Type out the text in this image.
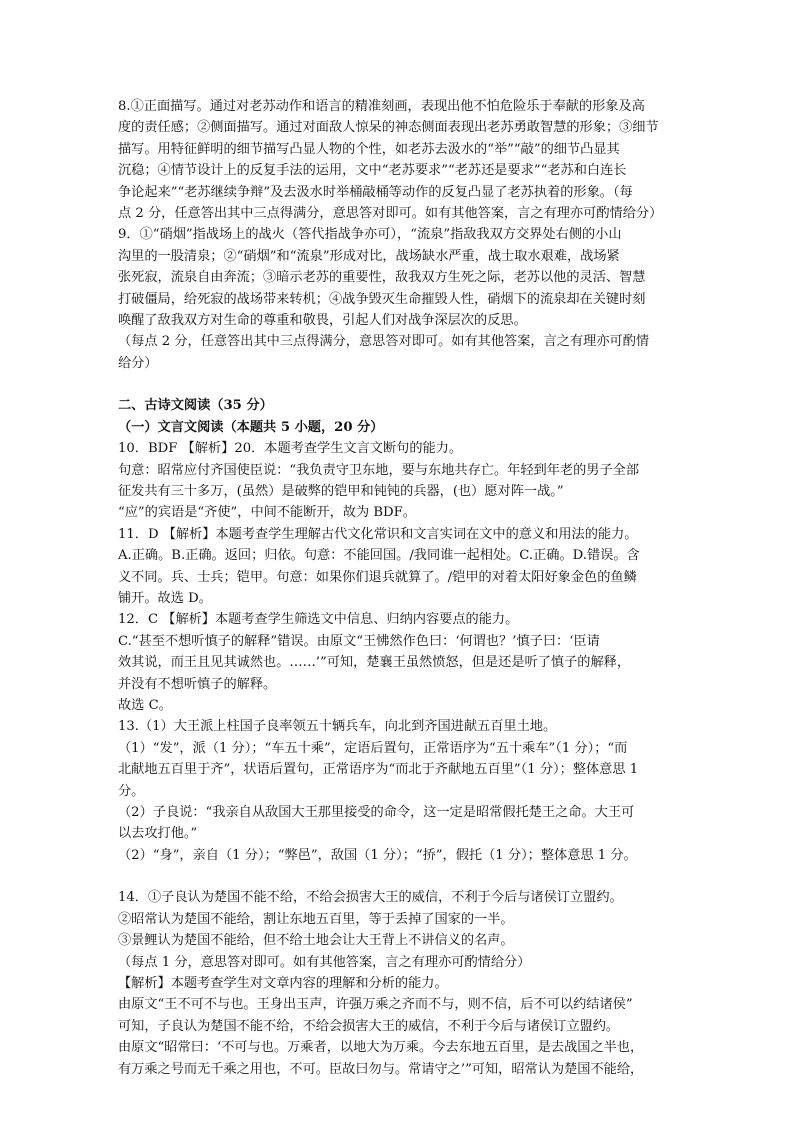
8.①正面描写。通过对老苏动作和语言的精准刻画，表现出他不怕危险乐于奉献的形象及高
度的责任感；②侧面描写。通过对面敌人惊呆的神态侧面表现出老苏勇敢智慧的形象；③细节
描写。用特征鲜明的细节描写凸显人物的个性，如老苏去汲水的“举”“敲”的细节凸显其
沉稳；④情节设计上的反复手法的运用，文中“老苏要求”“老苏还是要求”“老苏和白连长
争论起来”“老苏继续争辩”及去汲水时举桶敲桶等动作的反复凸显了老苏执着的形象。（每
点 2 分，任意答出其中三点得满分，意思答对即可。如有其他答案，言之有理亦可酌情给分）
9．①“硝烟”指战场上的战火（答代指战争亦可），“流泉”指敌我双方交界处右侧的小山
沟里的一股清泉；②“硝烟”和“流泉”形成对比，战场缺水严重，战士取水艰难，战场紧
张死寂，流泉自由奔流；③暗示老苏的重要性，敌我双方生死之际，老苏以他的灵活、智慧
打破僵局，给死寂的战场带来转机；④战争毁灭生命摧毁人性，硝烟下的流泉却在关键时刻
唤醒了敌我双方对生命的尊重和敬畏，引起人们对战争深层次的反思。
（每点 2 分，任意答出其中三点得满分，意思答对即可。如有其他答案，言之有理亦可酌情
给分）
二、古诗文阅读（35 分）
（一）文言文阅读（本题共 5 小题，20 分）
10．BDF 【解析】20．本题考查学生文言文断句的能力。
句意：昭常应付齐国使臣说：“我负责守卫东地，要与东地共存亡。年轻到年老的男子全部
征发共有三十多万，(虽然）是破弊的铠甲和钝钝的兵器，(也）愿对阵一战。”
“应”的宾语是“齐使”，中间不能断开，故为 BDF。
11．D 【解析】本题考查学生理解古代文化常识和文言实词在文中的意义和用法的能力。
A.正确。B.正确。返回；归依。句意：不能回国。/我同谁一起相处。C.正确。D.错误。含
义不同。兵、士兵；铠甲。句意：如果你们退兵就算了。/铠甲的对着太阳好象金色的鱼鳞
铺开。故选 D。
12．C 【解析】本题考查学生筛选文中信息、归纳内容要点的能力。
C.“甚至不想听慎子的解释”错误。由原文“王怫然作色曰：‘何谓也？’慎子曰：‘臣请
效其说，而王且见其诚然也。……’”可知，楚襄王虽然愤怒，但是还是听了慎子的解释，
并没有不想听慎子的解释。
故选 C。
13.（1）大王派上柱国子良率领五十辆兵车，向北到齐国进献五百里土地。
（1）“发”，派（1 分）；“车五十乘”，定语后置句，正常语序为“五十乘车”（1 分）；“而
北献地五百里于齐”，状语后置句，正常语序为“而北于齐献地五百里”（1 分）；整体意思 1
分。
（2）子良说：“我亲自从敌国大王那里接受的命令，这一定是昭常假托楚王之命。大王可
以去攻打他。”
（2）“身”，亲自（1 分）；“弊邑”，敌国（1 分）；“挢”，假托（1 分）；整体意思 1 分。
14．①子良认为楚国不能不给，不给会损害大王的威信，不利于今后与诸侯订立盟约。
②昭常认为楚国不能给，割让东地五百里，等于丢掉了国家的一半。
③景鲤认为楚国不能给，但不给土地会让大王背上不讲信义的名声。
（每点 1 分，意思答对即可。如有其他答案，言之有理亦可酌情给分）
【解析】本题考查学生对文章内容的理解和分析的能力。
由原文“王不可不与也。王身出玉声，许强万乘之齐而不与，则不信，后不可以约结诸侯”
可知，子良认为楚国不能不给，不给会损害大王的威信，不利于今后与诸侯订立盟约。
由原文“昭常曰：‘不可与也。万乘者，以地大为万乘。今去东地五百里，是去战国之半也，
有万乘之号而无千乘之用也，不可。臣故曰勿与。常请守之’”可知，昭常认为楚国不能给，
